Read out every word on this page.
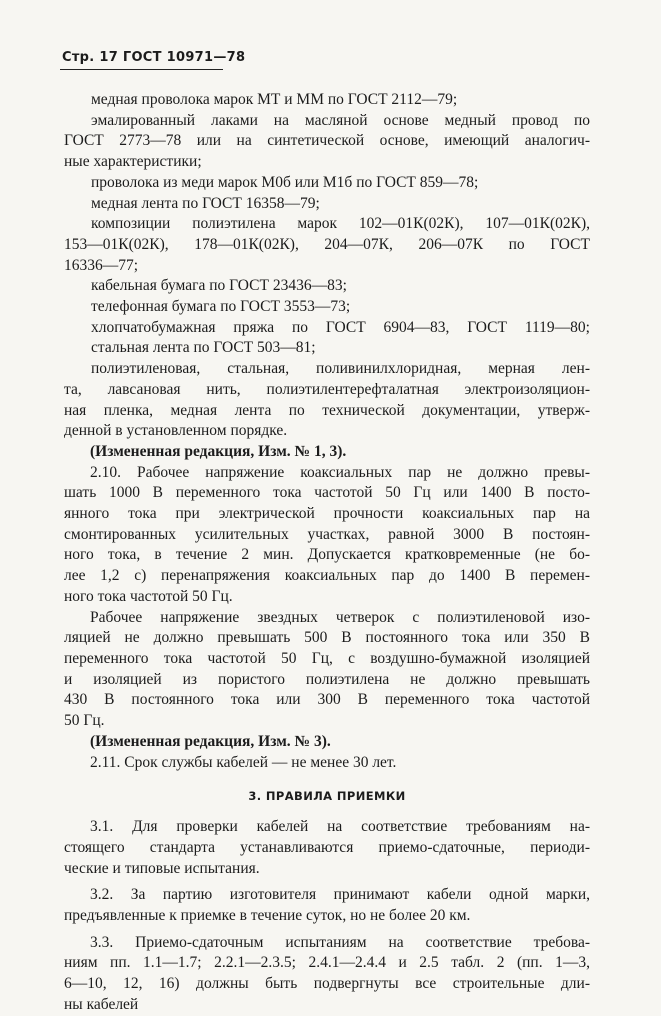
Стр. 17 ГОСТ 10971—78
медная проволока марок МТ и ММ по ГОСТ 2112—79;
эмалированный лаками на масляной основе медный провод по
ГОСТ 2773—78 или на синтетической основе, имеющий аналогич-
ные характеристики;
проволока из меди марок М0б или М1б по ГОСТ 859—78;
медная лента по ГОСТ 16358—79;
композиции полиэтилена марок 102—01К(02К), 107—01К(02К),
153—01К(02К), 178—01К(02К), 204—07К, 206—07К по ГОСТ
16336—77;
кабельная бумага по ГОСТ 23436—83;
телефонная бумага по ГОСТ 3553—73;
хлопчатобумажная пряжа по ГОСТ 6904—83, ГОСТ 1119—80;
стальная лента по ГОСТ 503—81;
полиэтиленовая, стальная, поливинилхлоридная, мерная лен-
та, лавсановая нить, полиэтилентерефталатная электроизоляцион-
ная пленка, медная лента по технической документации, утверж-
денной в установленном порядке.
(Измененная редакция, Изм. № 1, 3).
2.10. Рабочее напряжение коаксиальных пар не должно превы-
шать 1000 В переменного тока частотой 50 Гц или 1400 В посто-
янного тока при электрической прочности коаксиальных пар на
смонтированных усилительных участках, равной 3000 В постоян-
ного тока, в течение 2 мин. Допускается кратковременные (не бо-
лее 1,2 с) перенапряжения коаксиальных пар до 1400 В перемен-
ного тока частотой 50 Гц.
Рабочее напряжение звездных четверок с полиэтиленовой изо-
ляцией не должно превышать 500 В постоянного тока или 350 В
переменного тока частотой 50 Гц, с воздушно-бумажной изоляцией
и изоляцией из пористого полиэтилена не должно превышать
430 В постоянного тока или 300 В переменного тока частотой
50 Гц.
(Измененная редакция, Изм. № 3).
2.11. Срок службы кабелей — не менее 30 лет.
3. ПРАВИЛА ПРИЕМКИ
3.1. Для проверки кабелей на соответствие требованиям на-
стоящего стандарта устанавливаются приемо-сдаточные, периоди-
ческие и типовые испытания.
3.2. За партию изготовителя принимают кабели одной марки,
предъявленные к приемке в течение суток, но не более 20 км.
3.3. Приемо-сдаточным испытаниям на соответствие требова-
ниям пп. 1.1—1.7; 2.2.1—2.3.5; 2.4.1—2.4.4 и 2.5 табл. 2 (пп. 1—3,
6—10, 12, 16) должны быть подвергнуты все строительные дли-
ны кабелей
